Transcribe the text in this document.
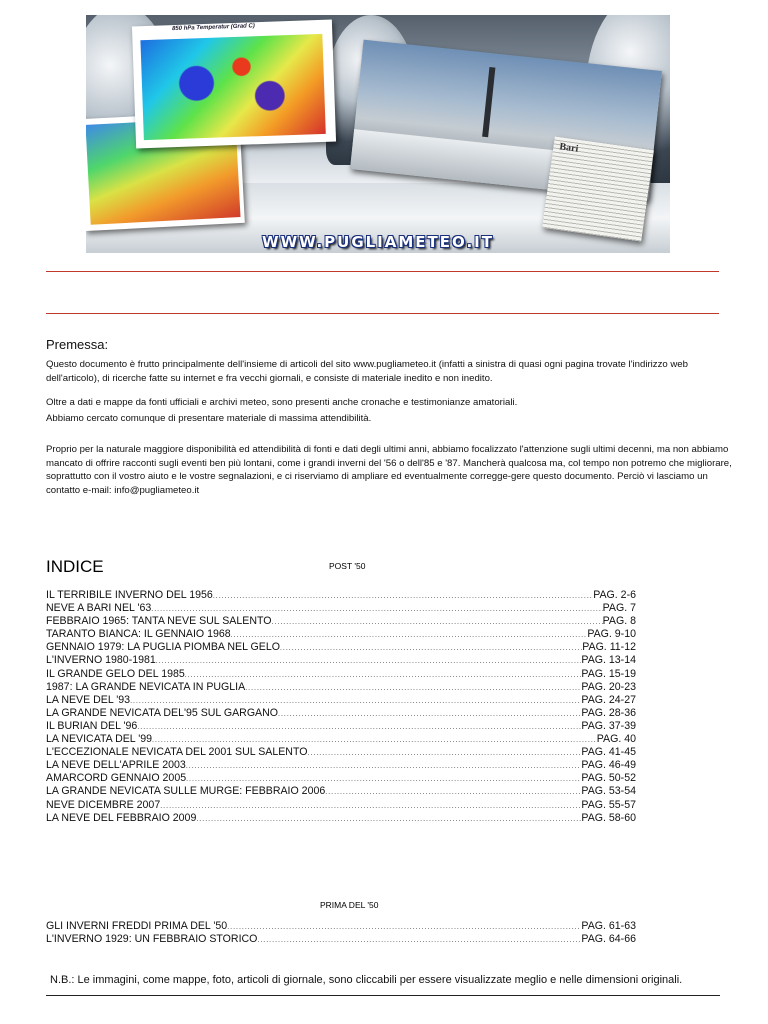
850 hPa Temperatur (Grad C)
Bari
WWW.PUGLIAMETEO.IT
Premessa:

Questo documento è frutto principalmente dell'insieme di articoli del sito www.pugliameteo.it (infatti a sinistra di quasi ogni pagina trovate l'indirizzo web dell'articolo), di ricerche fatte su internet e fra vecchi giornali, e consiste di materiale inedito e non inedito.

Oltre a dati e mappe da fonti ufficiali e archivi meteo, sono presenti anche cronache e testimonianze amatoriali.

Abbiamo cercato comunque di presentare materiale di massima attendibilità.

Proprio per la naturale maggiore disponibilità ed attendibilità di fonti e dati degli ultimi anni, abbiamo focalizzato l'attenzione sugli ultimi decenni, ma non abbiamo mancato di offrire racconti sugli eventi ben più lontani, come i grandi inverni del '56 o dell'85 e '87. Mancherà qualcosa ma, col tempo non potremo che migliorare, soprattutto con il vostro aiuto e le vostre segnalazioni, e ci riserviamo di ampliare ed eventualmente corregge-gere questo documento. Perciò vi lasciamo un contatto e-mail: info@pugliameteo.it

INDICE	POST '50
IL TERRIBILE INVERNO DEL 1956 .....	PAG. 2-6
NEVE A BARI NEL '63 .....	PAG. 7
FEBBRAIO 1965: TANTA NEVE SUL SALENTO .....	PAG. 8
TARANTO BIANCA: IL GENNAIO 1968 .....	PAG. 9-10
GENNAIO 1979: LA PUGLIA PIOMBA NEL GELO .....	PAG. 11-12
L'INVERNO 1980-1981 .....	PAG. 13-14
IL GRANDE GELO DEL 1985 .....	PAG. 15-19
1987: LA GRANDE NEVICATA IN PUGLIA .....	PAG. 20-23
LA NEVE DEL '93 .....	PAG. 24-27
LA GRANDE NEVICATA DEL'95 SUL GARGANO .....	PAG. 28-36
IL BURIAN DEL '96 .....	PAG. 37-39
LA NEVICATA DEL '99 .....	PAG. 40
L'ECCEZIONALE NEVICATA DEL 2001 SUL SALENTO .....	PAG. 41-45
LA NEVE DELL'APRILE 2003 .....	PAG. 46-49
AMARCORD GENNAIO 2005 .....	PAG. 50-52
LA GRANDE NEVICATA SULLE MURGE: FEBBRAIO 2006 .....	PAG. 53-54
NEVE DICEMBRE 2007 .....	PAG. 55-57
LA NEVE DEL FEBBRAIO 2009 .....	PAG. 58-60
PRIMA DEL '50
GLI INVERNI FREDDI PRIMA DEL '50 .....	PAG. 61-63
L'INVERNO 1929: UN FEBBRAIO STORICO .....	PAG. 64-66
N.B.: Le immagini, come mappe, foto, articoli di giornale, sono cliccabili per essere visualizzate meglio e nelle dimensioni originali.
